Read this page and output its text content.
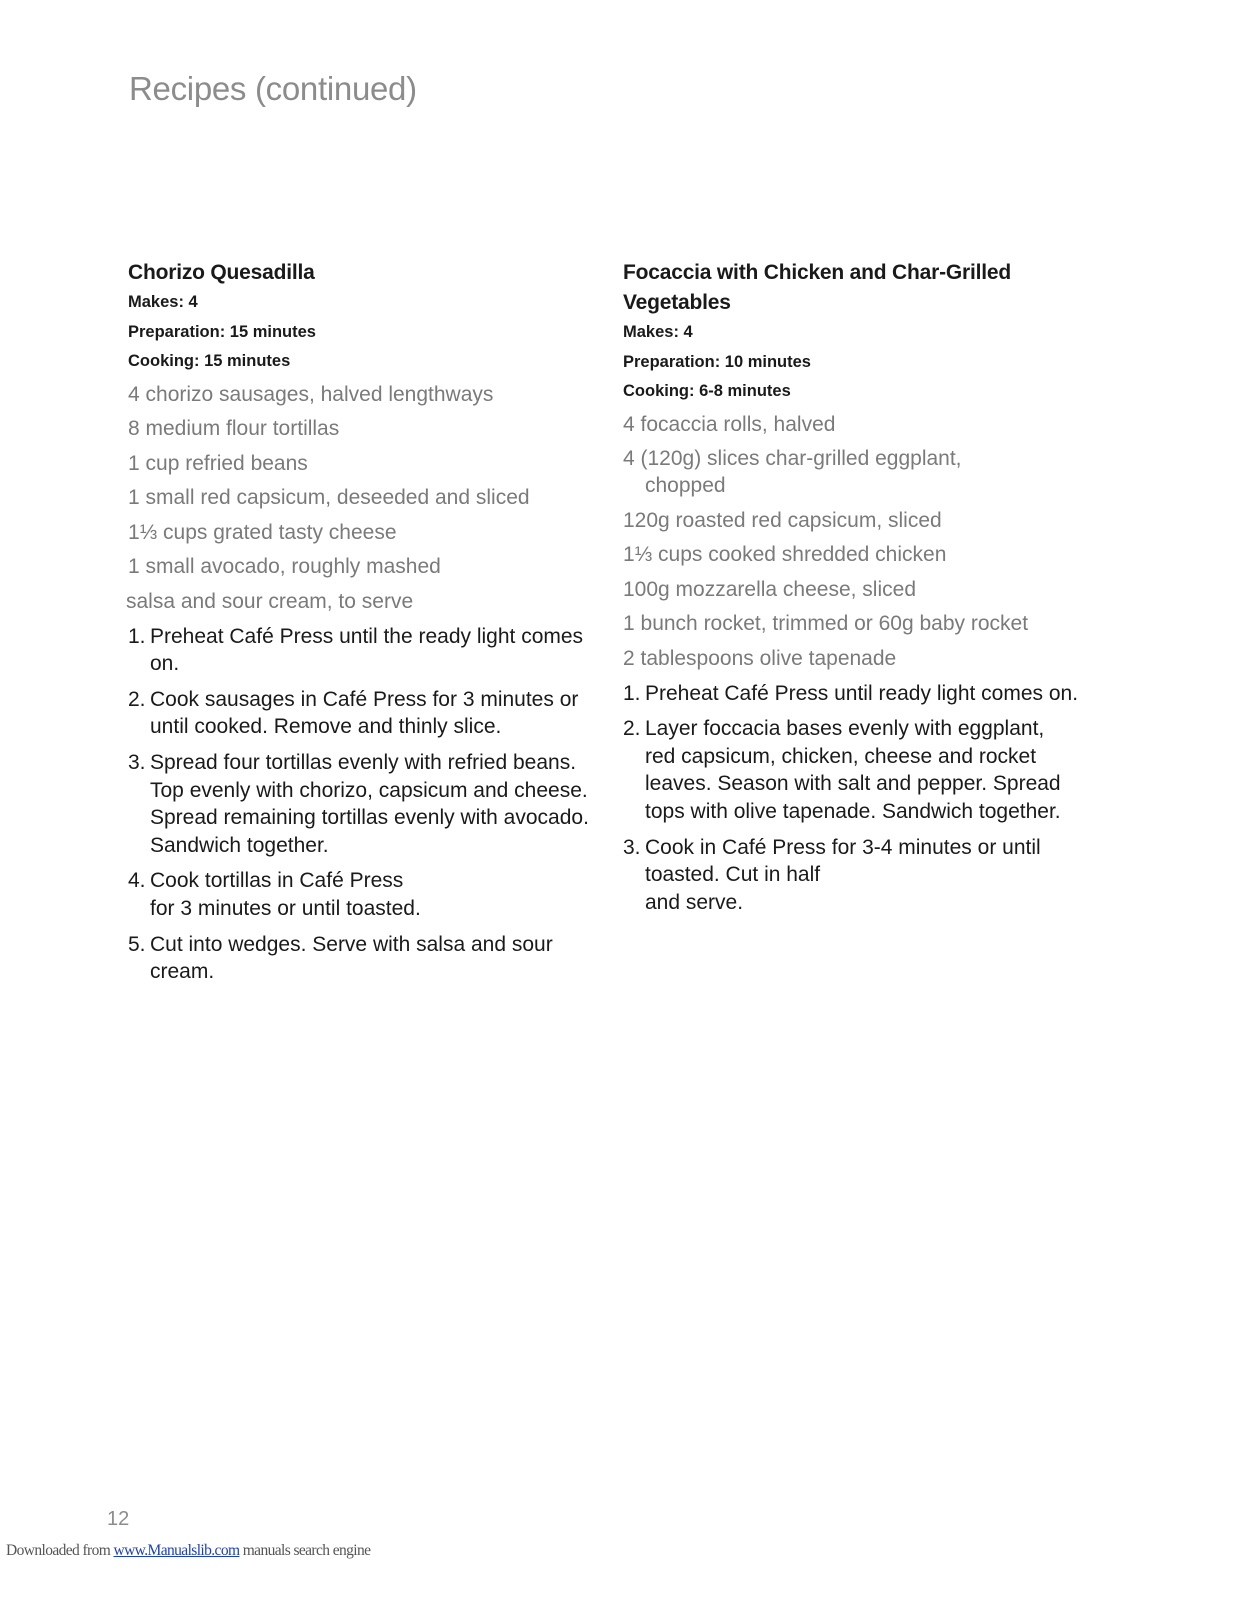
Recipes (continued)
Chorizo Quesadilla

Makes: 4

Preparation: 15 minutes

Cooking: 15 minutes

4 chorizo sausages, halved lengthways
8 medium flour tortillas
1 cup refried beans
1 small red capsicum, deseeded and sliced
1⅓ cups grated tasty cheese
1 small avocado, roughly mashed
salsa and sour cream, to serve
1. Preheat Café Press until the ready light comes on.
2. Cook sausages in Café Press for 3 minutes or until cooked. Remove and thinly slice.
3. Spread four tortillas evenly with refried beans. Top evenly with chorizo, capsicum and cheese. Spread remaining tortillas evenly with avocado. Sandwich together.
4. Cook tortillas in Café Press
for 3 minutes or until toasted.
5. Cut into wedges. Serve with salsa and sour cream.
Focaccia with Chicken and Char-Grilled
Vegetables

Makes: 4

Preparation: 10 minutes

Cooking: 6-8 minutes

4 focaccia rolls, halved
4 (120g) slices char-grilled eggplant, chopped
120g roasted red capsicum, sliced
1⅓ cups cooked shredded chicken
100g mozzarella cheese, sliced
1 bunch rocket, trimmed or 60g baby rocket
2 tablespoons olive tapenade
1. Preheat Café Press until ready light comes on.
2. Layer foccacia bases evenly with eggplant, red capsicum, chicken, cheese and rocket leaves. Season with salt and pepper. Spread tops with olive tapenade. Sandwich together.
3. Cook in Café Press for 3-4 minutes or until toasted. Cut in half
and serve.
12
Downloaded from www.Manualslib.com manuals search engine
